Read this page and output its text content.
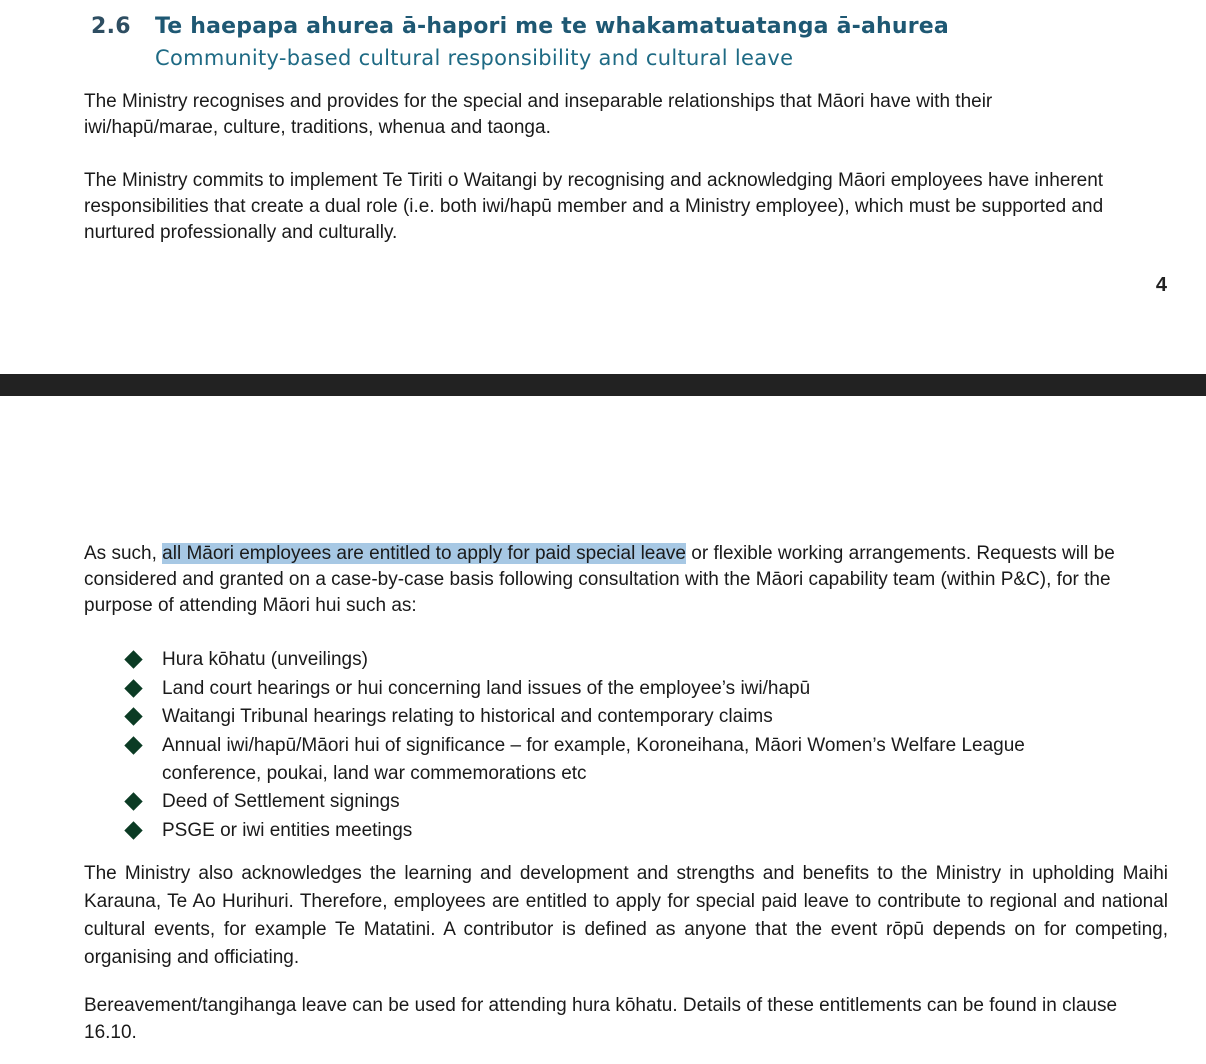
2.6 Te haepapa ahurea ā-hapori me te whakamatuatanga ā-ahurea
Community-based cultural responsibility and cultural leave

The Ministry recognises and provides for the special and inseparable relationships that Māori have with their iwi/hapū/marae, culture, traditions, whenua and taonga.

The Ministry commits to implement Te Tiriti o Waitangi by recognising and acknowledging Māori employees have inherent responsibilities that create a dual role (i.e. both iwi/hapū member and a Ministry employee), which must be supported and nurtured professionally and culturally.

4

As such, all Māori employees are entitled to apply for paid special leave or flexible working arrangements. Requests will be considered and granted on a case-by-case basis following consultation with the Māori capability team (within P&C), for the purpose of attending Māori hui such as:

Hura kōhatu (unveilings)
Land court hearings or hui concerning land issues of the employee’s iwi/hapū
Waitangi Tribunal hearings relating to historical and contemporary claims
Annual iwi/hapū/Māori hui of significance – for example, Koroneihana, Māori Women’s Welfare League conference, poukai, land war commemorations etc
Deed of Settlement signings
PSGE or iwi entities meetings

The Ministry also acknowledges the learning and development and strengths and benefits to the Ministry in upholding Maihi Karauna, Te Ao Hurihuri. Therefore, employees are entitled to apply for special paid leave to contribute to regional and national cultural events, for example Te Matatini. A contributor is defined as anyone that the event rōpū depends on for competing, organising and officiating.

Bereavement/tangihanga leave can be used for attending hura kōhatu. Details of these entitlements can be found in clause 16.10.
